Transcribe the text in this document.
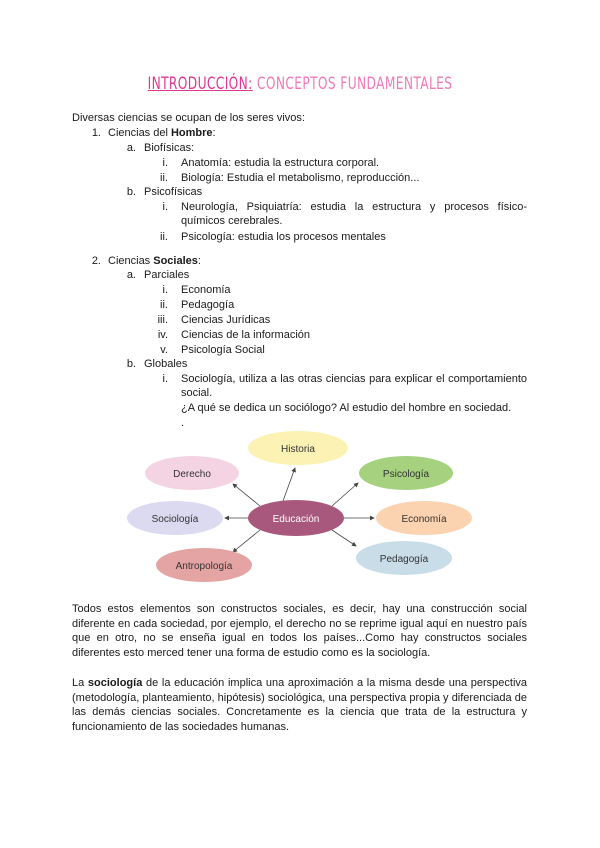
INTRODUCCIÓN: CONCEPTOS FUNDAMENTALES
Diversas ciencias se ocupan de los seres vivos:
1. Ciencias del Hombre:
a. Biofísicas:
i. Anatomía: estudia la estructura corporal.
ii. Biología: Estudia el metabolismo, reproducción...
b. Psicofísicas
i. Neurología, Psiquiatría: estudia la estructura y procesos físico-químicos cerebrales.
ii. Psicología: estudia los procesos mentales
2. Ciencias Sociales:
a. Parciales
i. Economía
ii. Pedagogía
iii. Ciencias Jurídicas
iv. Ciencias de la información
v. Psicología Social
b. Globales
i. Sociología, utiliza a las otras ciencias para explicar el comportamiento social.
¿A qué se dedica un sociólogo? Al estudio del hombre en sociedad.
.
Historia
Derecho	Psicología
Sociología	Educación	Economía
Antropología
Pedagogía
Todos estos elementos son constructos sociales, es decir, hay una construcción social diferente en cada sociedad, por ejemplo, el derecho no se reprime igual aquí en nuestro país que en otro, no se enseña igual en todos los países...Como hay constructos sociales diferentes esto merced tener una forma de estudio como es la sociología.
La sociología de la educación implica una aproximación a la misma desde una perspectiva (metodología, planteamiento, hipótesis) sociológica, una perspectiva propia y diferenciada de las demás ciencias sociales. Concretamente es la ciencia que trata de la estructura y funcionamiento de las sociedades humanas.
